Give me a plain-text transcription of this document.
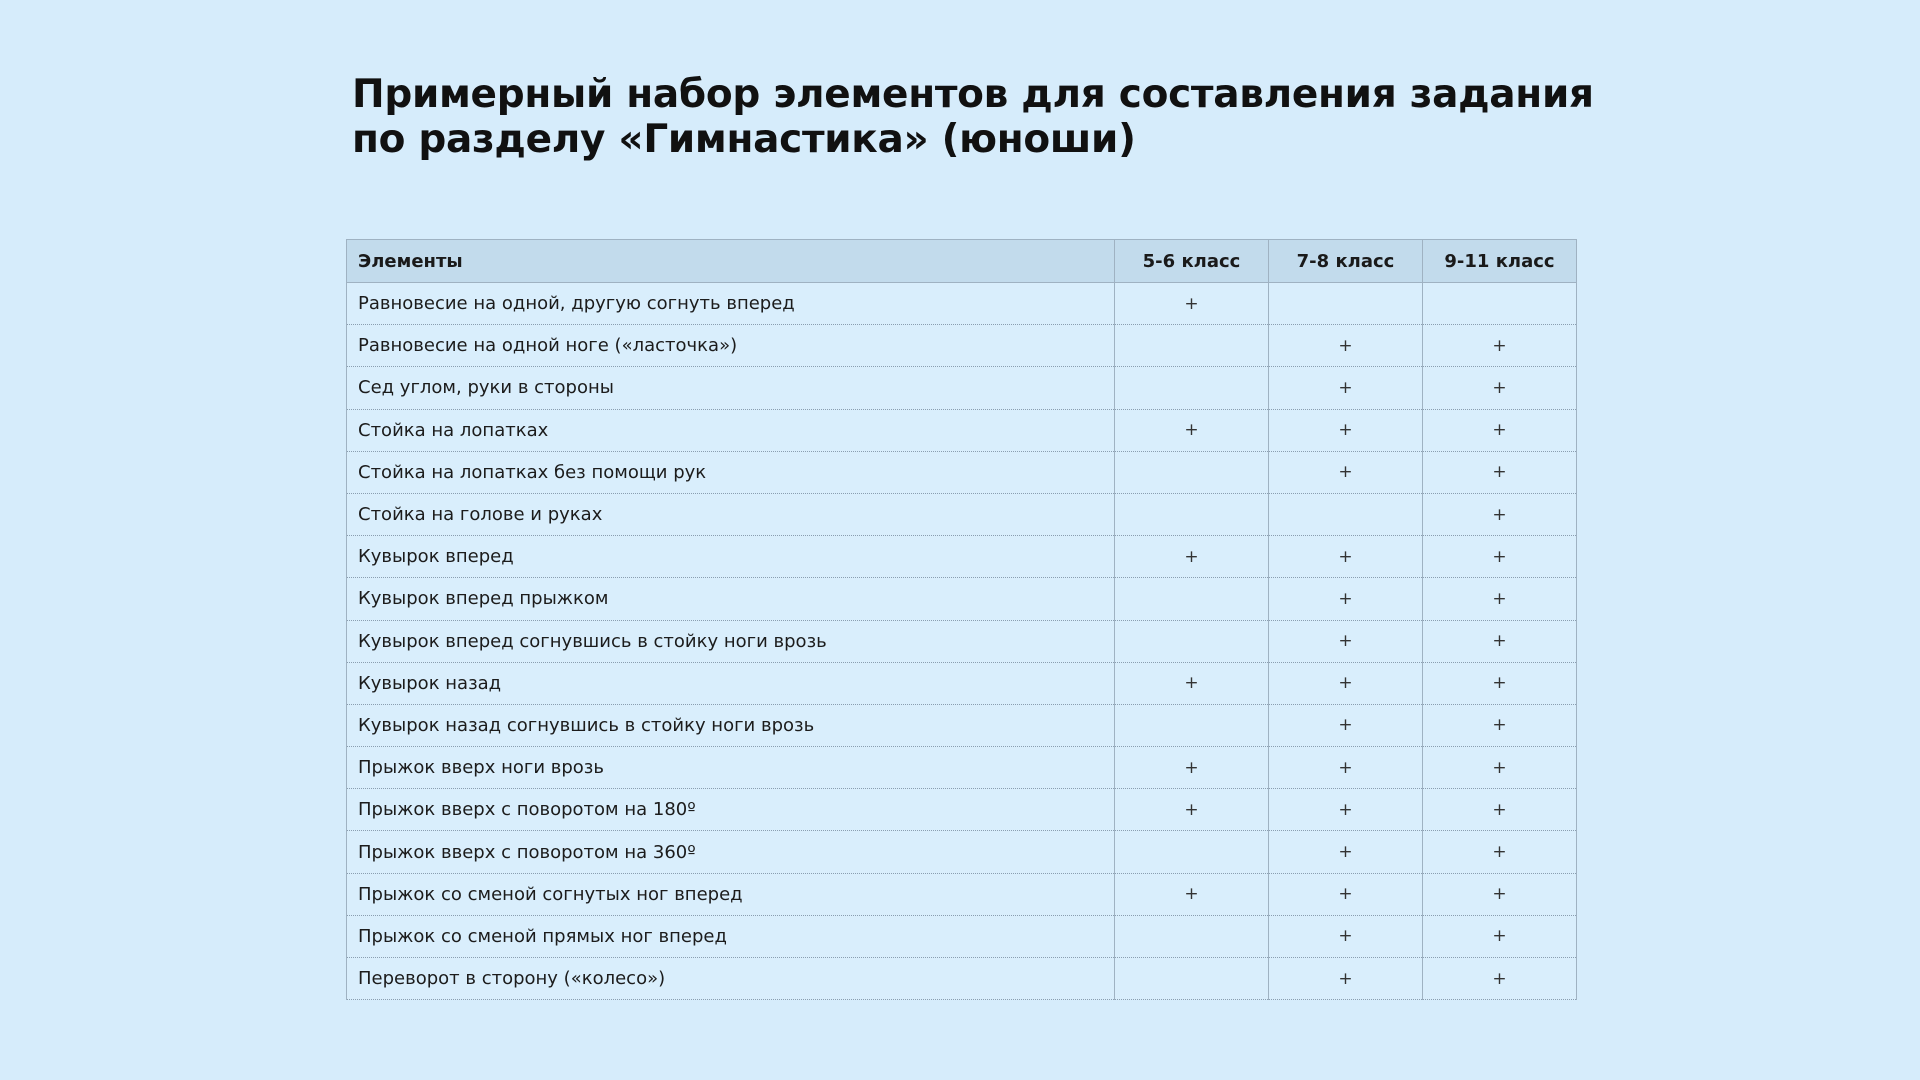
Примерный набор элементов для составления задания по разделу «Гимнастика» (юноши)
Элементы	5-6 класс	7-8 класс	9-11 класс
Равновесие на одной, другую согнуть вперед	+		
Равновесие на одной ноге («ласточка»)		+	+
Сед углом, руки в стороны		+	+
Стойка на лопатках	+	+	+
Стойка на лопатках без помощи рук		+	+
Стойка на голове и руках			+
Кувырок вперед	+	+	+
Кувырок вперед прыжком		+	+
Кувырок вперед согнувшись в стойку ноги врозь		+	+
Кувырок назад	+	+	+
Кувырок назад согнувшись в стойку ноги врозь		+	+
Прыжок вверх ноги врозь	+	+	+
Прыжок вверх с поворотом на 180º	+	+	+
Прыжок вверх с поворотом на 360º		+	+
Прыжок со сменой согнутых ног вперед	+	+	+
Прыжок со сменой прямых ног вперед		+	+
Переворот в сторону («колесо»)		+	+
